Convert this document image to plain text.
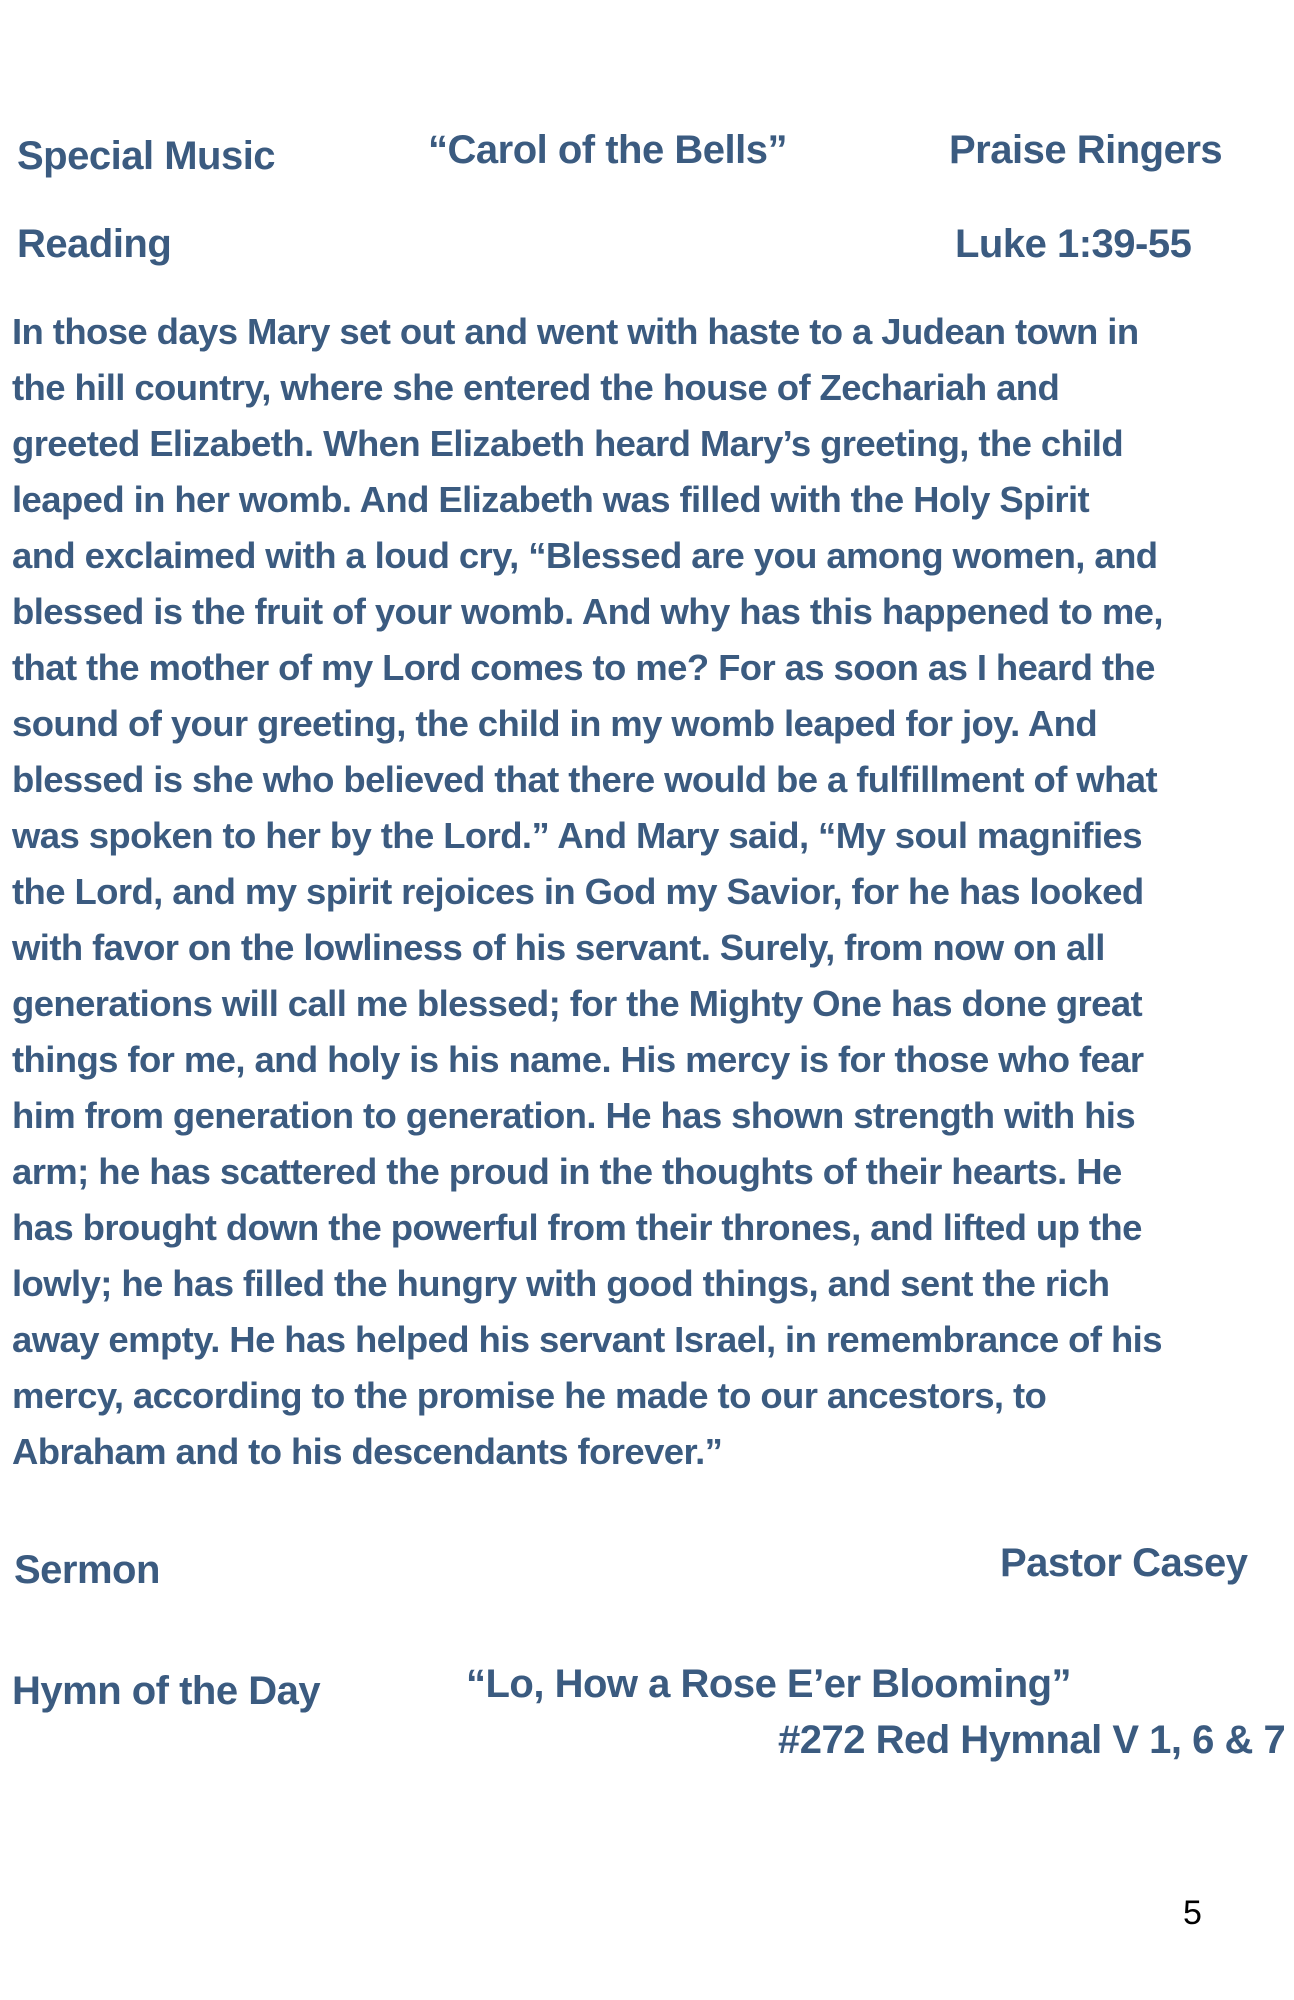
Special Music	“Carol of the Bells”	Praise Ringers
Reading	Luke 1:39-55
In those days Mary set out and went with haste to a Judean town in
the hill country, where she entered the house of Zechariah and
greeted Elizabeth. When Elizabeth heard Mary’s greeting, the child
leaped in her womb. And Elizabeth was filled with the Holy Spirit
and exclaimed with a loud cry, “Blessed are you among women, and
blessed is the fruit of your womb. And why has this happened to me,
that the mother of my Lord comes to me? For as soon as I heard the
sound of your greeting, the child in my womb leaped for joy. And
blessed is she who believed that there would be a fulfillment of what
was spoken to her by the Lord.” And Mary said, “My soul magnifies
the Lord, and my spirit rejoices in God my Savior, for he has looked
with favor on the lowliness of his servant. Surely, from now on all
generations will call me blessed; for the Mighty One has done great
things for me, and holy is his name. His mercy is for those who fear
him from generation to generation. He has shown strength with his
arm; he has scattered the proud in the thoughts of their hearts. He
has brought down the powerful from their thrones, and lifted up the
lowly; he has filled the hungry with good things, and sent the rich
away empty. He has helped his servant Israel, in remembrance of his
mercy, according to the promise he made to our ancestors, to
Abraham and to his descendants forever.”
Sermon	Pastor Casey
Hymn of the Day	“Lo, How a Rose E’er Blooming”
#272 Red Hymnal V 1, 6 & 7
5
